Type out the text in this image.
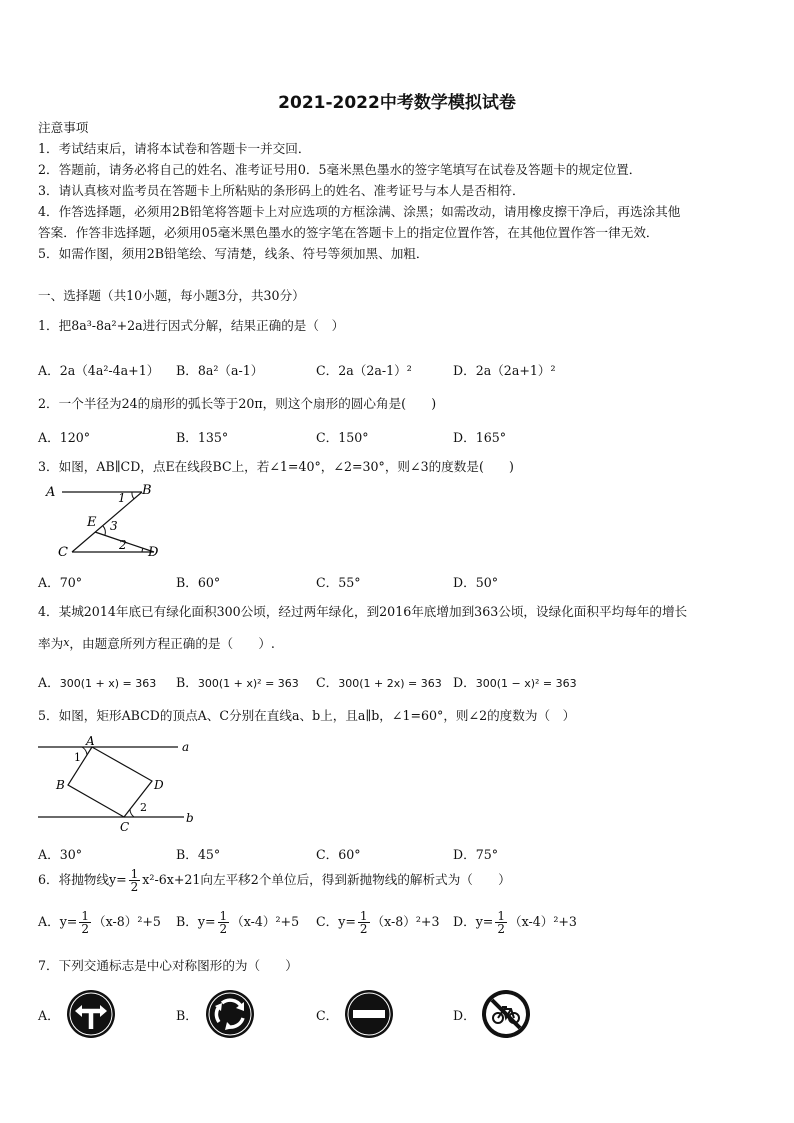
2021-2022中考数学模拟试卷
注意事项
1．考试结束后，请将本试卷和答题卡一并交回．
2．答题前，请务必将自己的姓名、准考证号用0．5毫米黑色墨水的签字笔填写在试卷及答题卡的规定位置．
3．请认真核对监考员在答题卡上所粘贴的条形码上的姓名、准考证号与本人是否相符．
4．作答选择题，必须用2B铅笔将答题卡上对应选项的方框涂满、涂黑；如需改动，请用橡皮擦干净后，再选涂其他
答案．作答非选择题，必须用05毫米黑色墨水的签字笔在答题卡上的指定位置作答，在其他位置作答一律无效．
5．如需作图，须用2B铅笔绘、写清楚，线条、符号等须加黑、加粗．
一、选择题（共10小题，每小题3分，共30分）
1．把8a³-8a²+2a进行因式分解，结果正确的是（　）
A．2a（4a²-4a+1） B．8a²（a-1）	C．2a（2a-1）²	D．2a（2a+1）²
2．一个半径为24的扇形的弧长等于20π，则这个扇形的圆心角是(　　)
A．120°	B．135°	C．150°	D．165°
3．如图，AB∥CD，点E在线段BC上，若∠1=40°，∠2=30°，则∠3的度数是(　　)
A	B
C	D
E
1
2
3
A．70°	B．60°	C．55°	D．50°
4．某城2014年底已有绿化面积300公顷，经过两年绿化，到2016年底增加到363公顷，设绿化面积平均每年的增长
率为x，由题意所列方程正确的是（　　）.
A．300(1 + x) = 363 B．300(1 + x)² = 363 C．300(1 + 2x) = 363 D．300(1 − x)² = 363
5．如图，矩形ABCD的顶点A、C分别在直线a、b上，且a∥b，∠1=60°，则∠2的度数为（　）
A
B
C
D
a
b
1
2
A．30°	B．45°	C．60°	D．75°
6．将抛物线$y= \frac{1}{2} x^2-6x+21$向左平移2个单位后，得到新抛物线的解析式为（　　）
A．$y= \frac{1}{2} (x-8)^2+5$ B．$y= \frac{1}{2} (x-4)^2+5$ C．$y= \frac{1}{2} (x-8)^2+3$ D．$y= \frac{1}{2} (x-4)^2+3$
7．下列交通标志是中心对称图形的为（　　）
A．	B．	C．	D．
